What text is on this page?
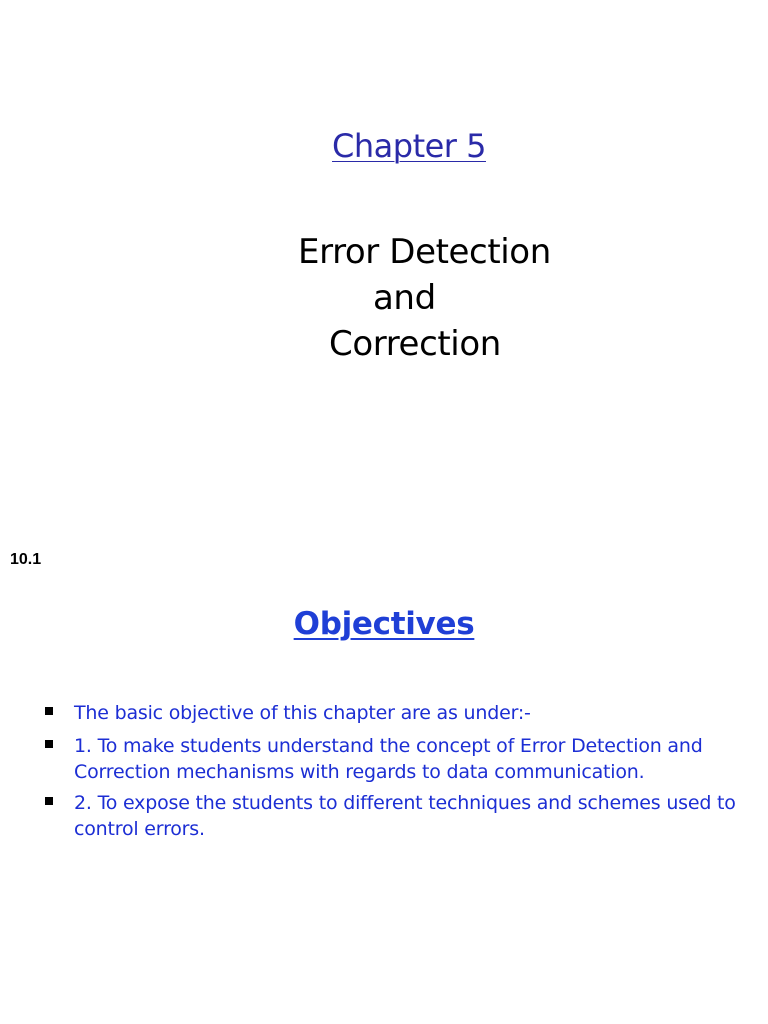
Chapter 5
Error Detection
and
Correction
10.1
Objectives
The basic objective of this chapter are as under:-
1. To make students understand the concept of Error Detection and Correction mechanisms with regards to data communication.
2. To expose the students to different techniques and schemes used to control errors.
